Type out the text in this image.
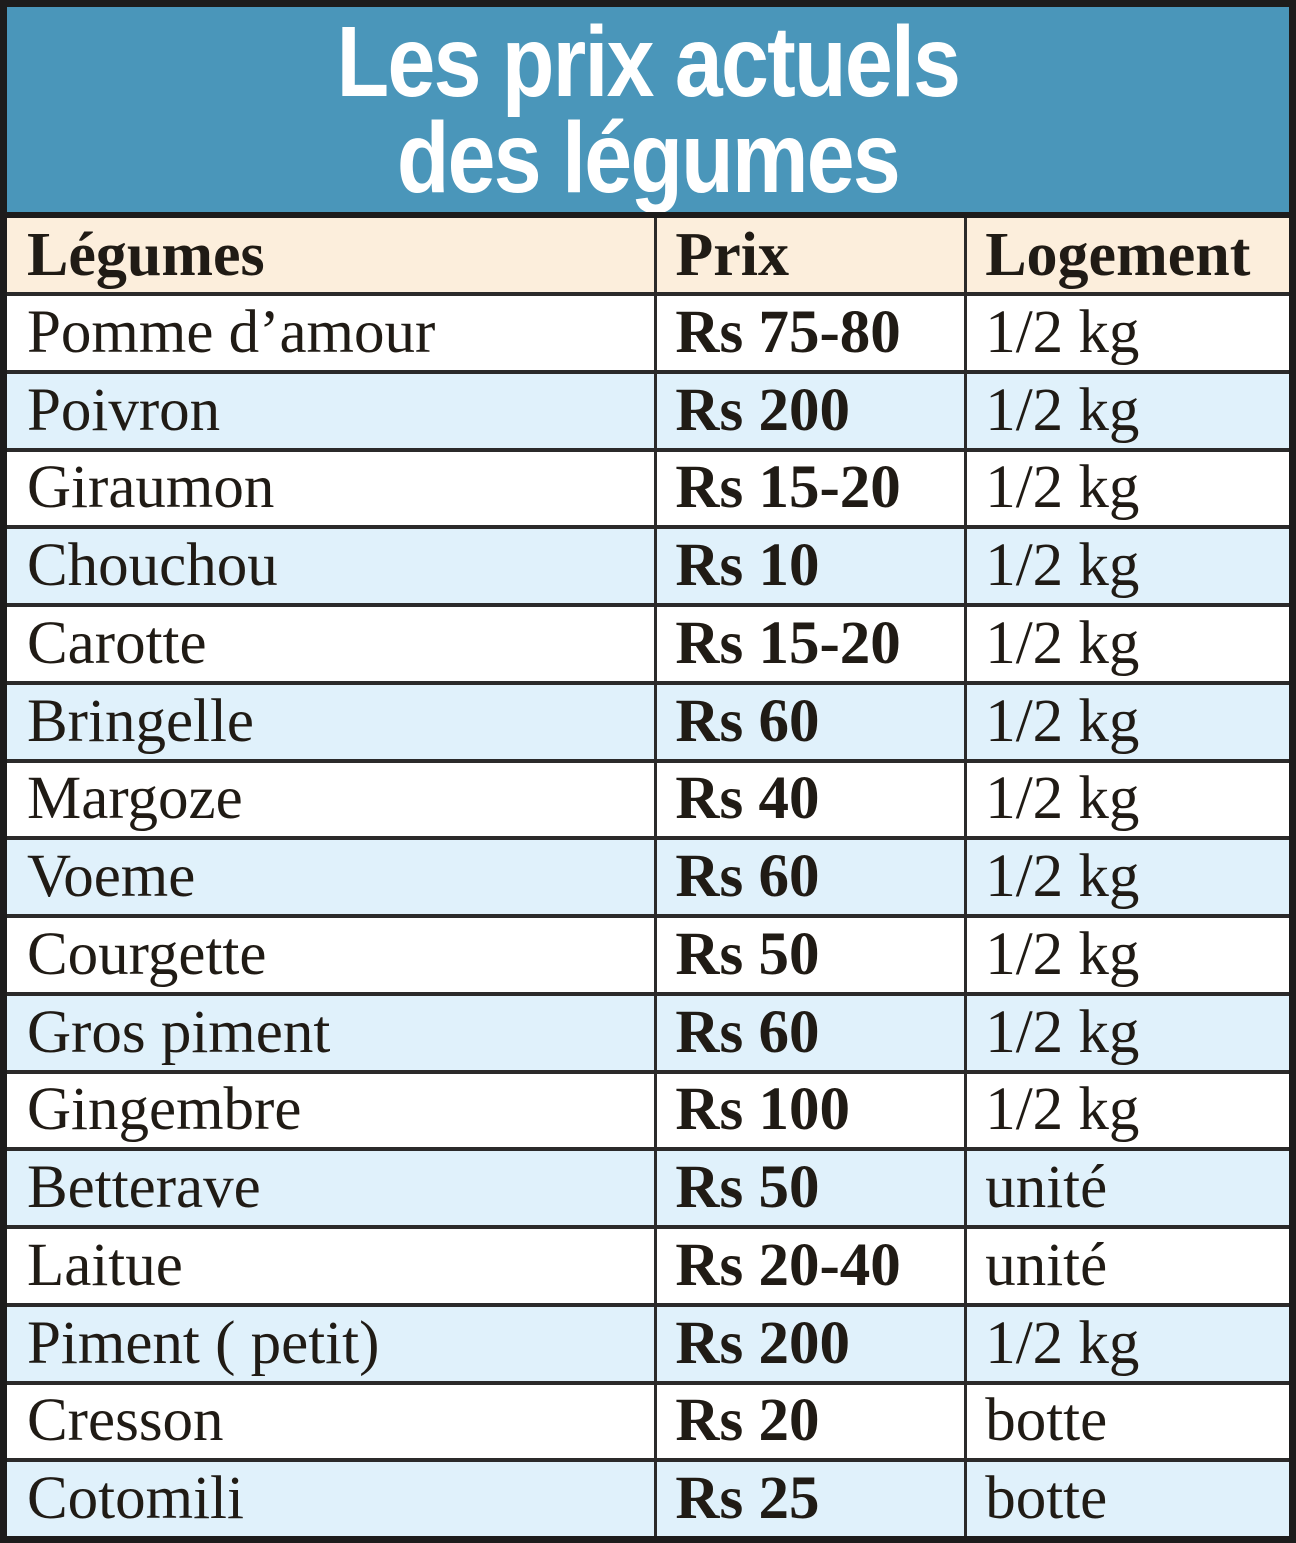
Les prix actuels
des légumes
Légumes	Prix	Logement
Pomme d’amour	Rs 75-80	1/2 kg
Poivron	Rs 200	1/2 kg
Giraumon	Rs 15-20	1/2 kg
Chouchou	Rs 10	1/2 kg
Carotte	Rs 15-20	1/2 kg
Bringelle	Rs 60	1/2 kg
Margoze	Rs 40	1/2 kg
Voeme	Rs 60	1/2 kg
Courgette	Rs 50	1/2 kg
Gros piment	Rs 60	1/2 kg
Gingembre	Rs 100	1/2 kg
Betterave	Rs 50	unité
Laitue	Rs 20-40	unité
Piment ( petit)	Rs 200	1/2 kg
Cresson	Rs 20	botte
Cotomili	Rs 25	botte
